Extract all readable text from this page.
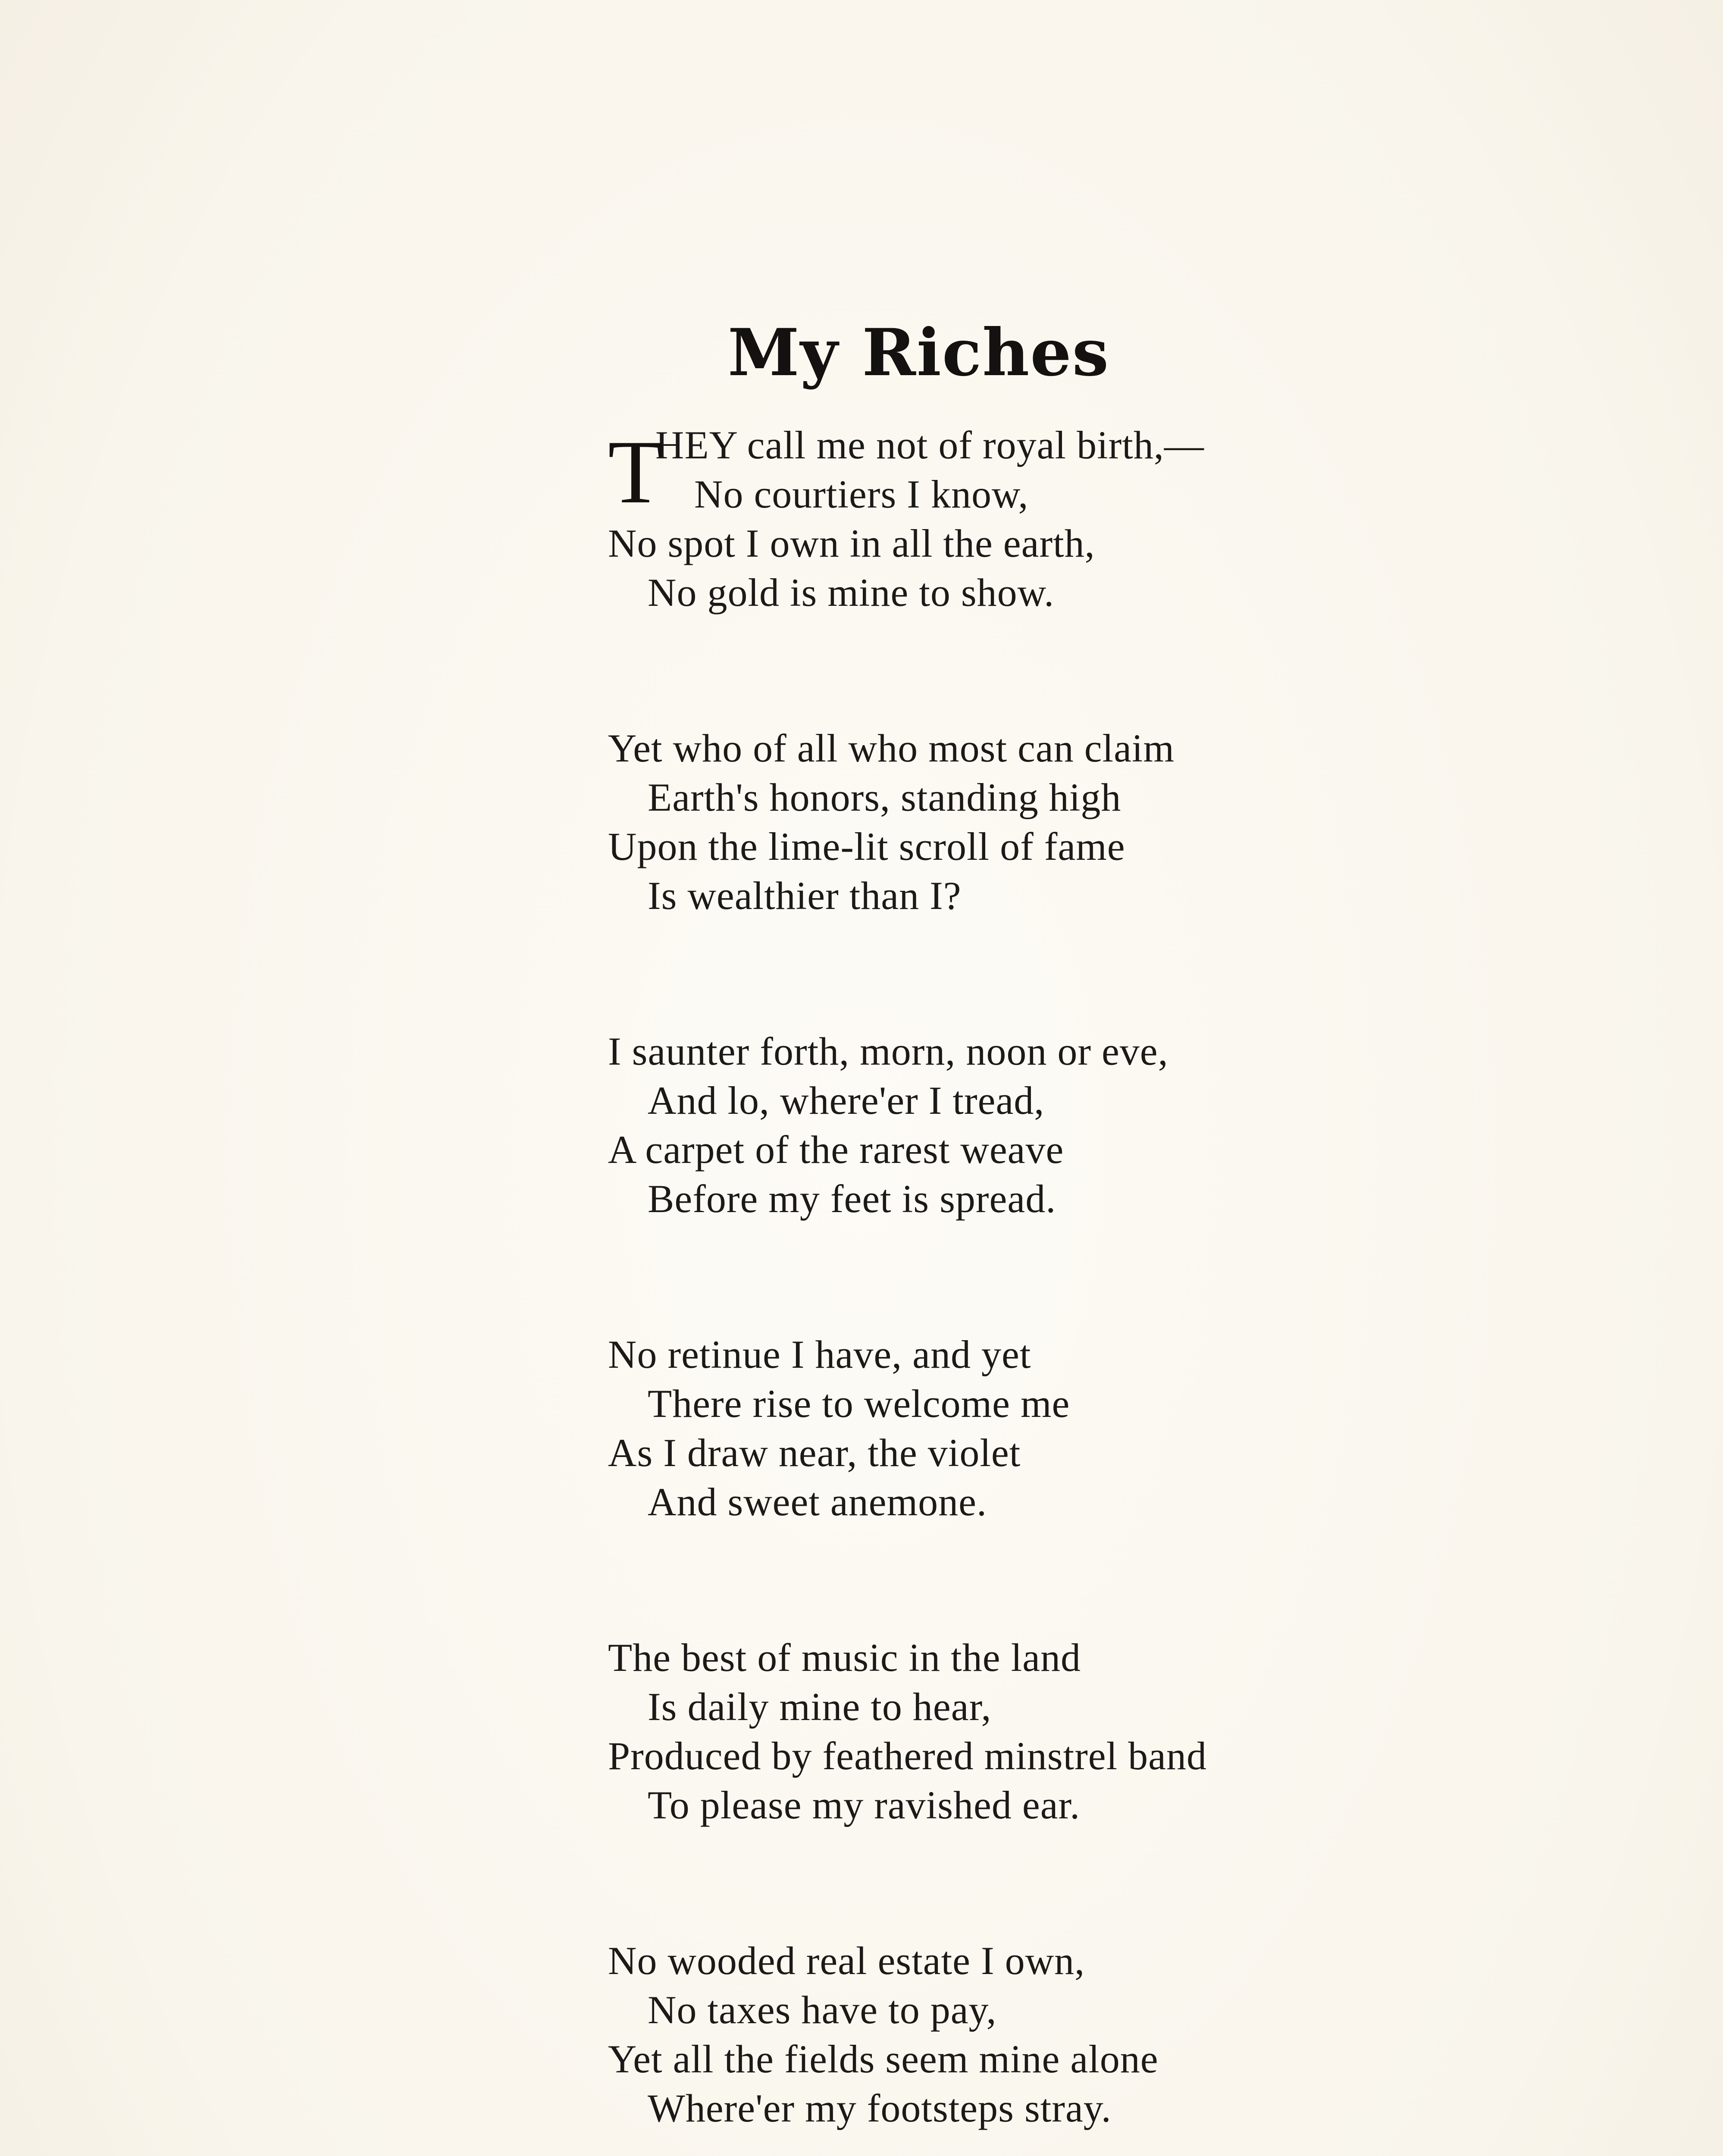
My Riches
T
HEY call me not of royal birth,—
No courtiers I know,
No spot I own in all the earth,
No gold is mine to show.
Yet who of all who most can claim
Earth's honors, standing high
Upon the lime-lit scroll of fame
Is wealthier than I?
I saunter forth, morn, noon or eve,
And lo, where'er I tread,
A carpet of the rarest weave
Before my feet is spread.
No retinue I have, and yet
There rise to welcome me
As I draw near, the violet
And sweet anemone.
The best of music in the land
Is daily mine to hear,
Produced by feathered minstrel band
To please my ravished ear.
No wooded real estate I own,
No taxes have to pay,
Yet all the fields seem mine alone
Where'er my footsteps stray.
